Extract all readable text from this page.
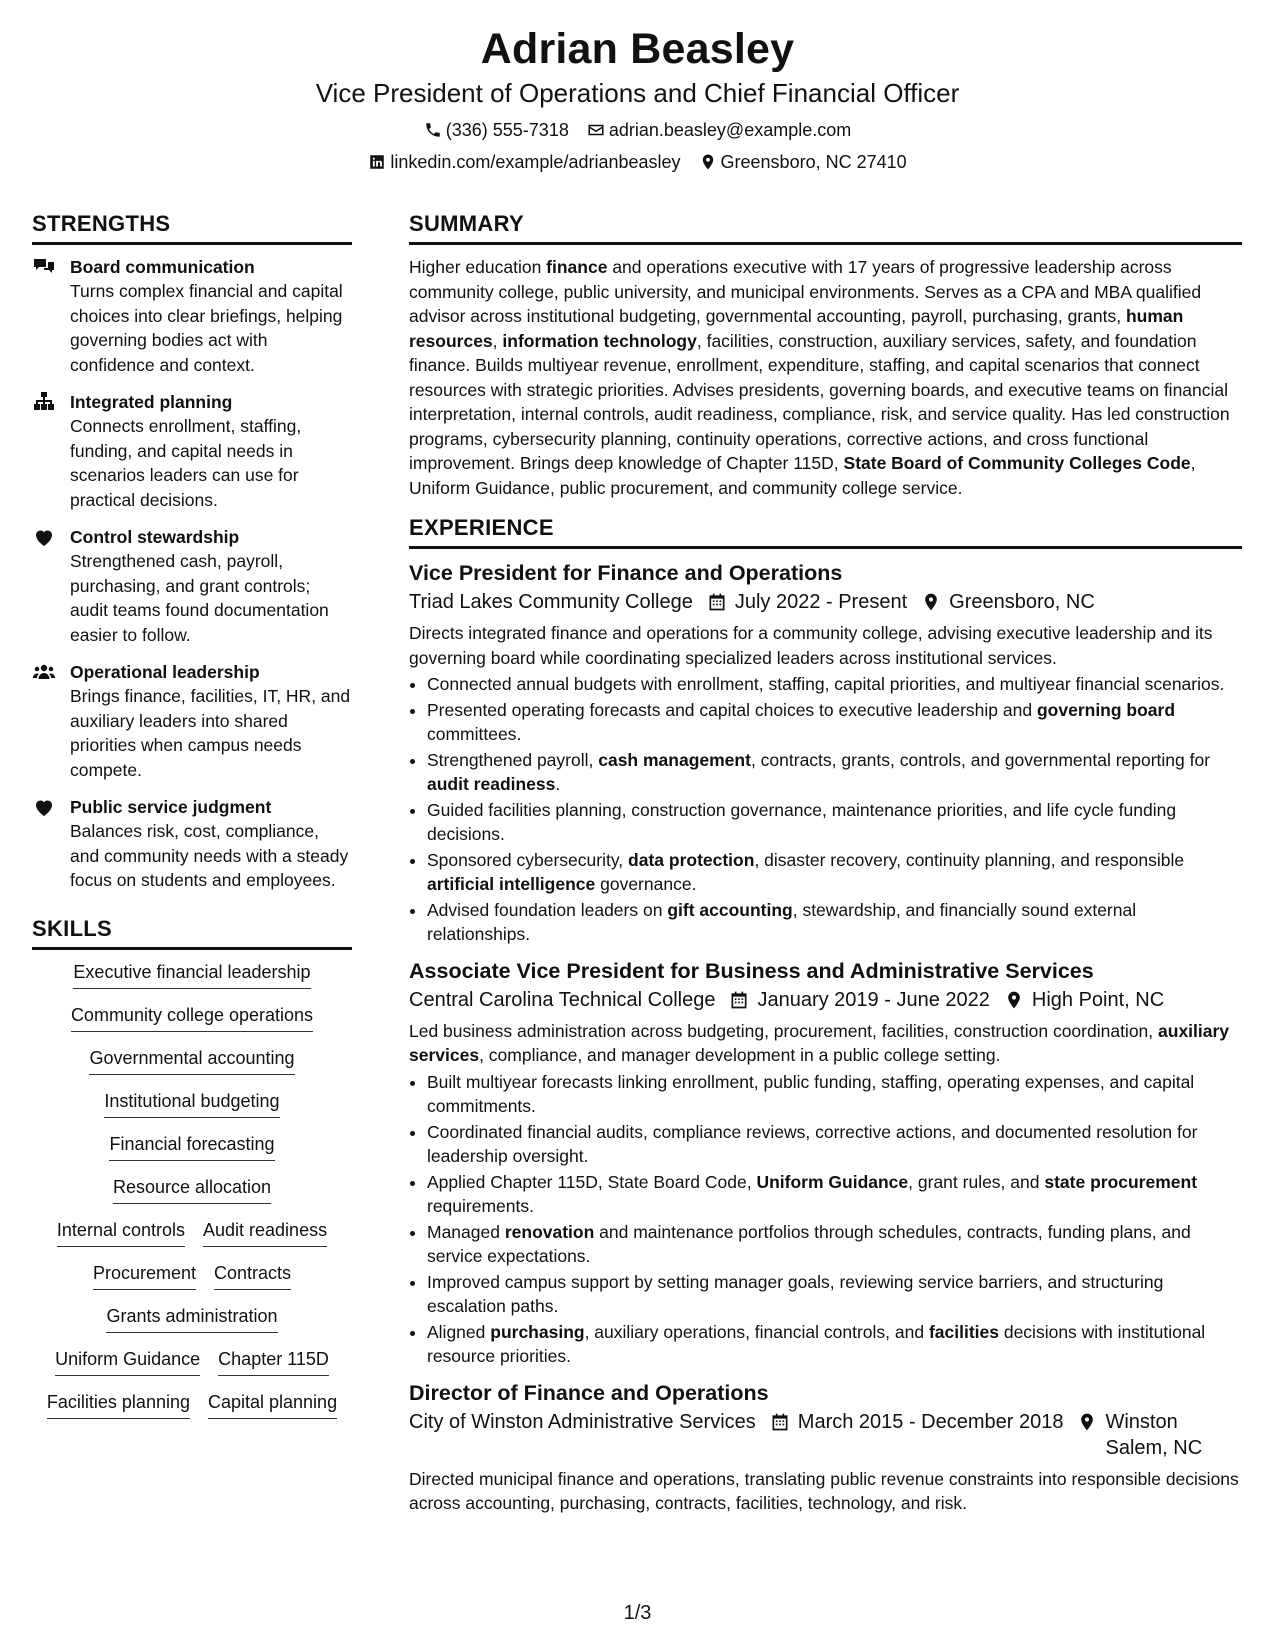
Adrian Beasley
Vice President of Operations and Chief Financial Officer
(336) 555-7318 adrian.beasley@example.com
linkedin.com/example/adrianbeasley Greensboro, NC 27410
STRENGTHS
Board communication
Turns complex financial and capital choices into clear briefings, helping governing bodies act with confidence and context.
Integrated planning
Connects enrollment, staffing, funding, and capital needs in scenarios leaders can use for practical decisions.
Control stewardship
Strengthened cash, payroll, purchasing, and grant controls; audit teams found documentation easier to follow.
Operational leadership
Brings finance, facilities, IT, HR, and auxiliary leaders into shared priorities when campus needs compete.
Public service judgment
Balances risk, cost, compliance, and community needs with a steady focus on students and employees.
SKILLS
Executive financial leadership
Community college operations
Governmental accounting
Institutional budgeting
Financial forecasting
Resource allocation
Internal controls Audit readiness
Procurement Contracts
Grants administration
Uniform Guidance Chapter 115D
Facilities planning Capital planning
SUMMARY

Higher education finance and operations executive with 17 years of progressive leadership across community college, public university, and municipal environments. Serves as a CPA and MBA qualified advisor across institutional budgeting, governmental accounting, payroll, purchasing, grants, human resources, information technology, facilities, construction, auxiliary services, safety, and foundation finance. Builds multiyear revenue, enrollment, expenditure, staffing, and capital scenarios that connect resources with strategic priorities. Advises presidents, governing boards, and executive teams on financial interpretation, internal controls, audit readiness, compliance, risk, and service quality. Has led construction programs, cybersecurity planning, continuity operations, corrective actions, and cross functional improvement. Brings deep knowledge of Chapter 115D, State Board of Community Colleges Code, Uniform Guidance, public procurement, and community college service.

EXPERIENCE
Vice President for Finance and Operations
Triad Lakes Community College July 2022 - Present Greensboro, NC

Directs integrated finance and operations for a community college, advising executive leadership and its governing board while coordinating specialized leaders across institutional services.

• Connected annual budgets with enrollment, staffing, capital priorities, and multiyear financial scenarios.
• Presented operating forecasts and capital choices to executive leadership and governing board committees.
• Strengthened payroll, cash management, contracts, grants, controls, and governmental reporting for audit readiness.
• Guided facilities planning, construction governance, maintenance priorities, and life cycle funding decisions.
• Sponsored cybersecurity, data protection, disaster recovery, continuity planning, and responsible artificial intelligence governance.
• Advised foundation leaders on gift accounting, stewardship, and financially sound external relationships.
Associate Vice President for Business and Administrative Services
Central Carolina Technical College January 2019 - June 2022 High Point, NC

Led business administration across budgeting, procurement, facilities, construction coordination, auxiliary services, compliance, and manager development in a public college setting.

• Built multiyear forecasts linking enrollment, public funding, staffing, operating expenses, and capital commitments.
• Coordinated financial audits, compliance reviews, corrective actions, and documented resolution for leadership oversight.
• Applied Chapter 115D, State Board Code, Uniform Guidance, grant rules, and state procurement requirements.
• Managed renovation and maintenance portfolios through schedules, contracts, funding plans, and service expectations.
• Improved campus support by setting manager goals, reviewing service barriers, and structuring escalation paths.
• Aligned purchasing, auxiliary operations, financial controls, and facilities decisions with institutional resource priorities.
Director of Finance and Operations
City of Winston Administrative Services March 2015 - December 2018 Winston Salem, NC

Directed municipal finance and operations, translating public revenue constraints into responsible decisions across accounting, purchasing, contracts, facilities, technology, and risk.

1/3
